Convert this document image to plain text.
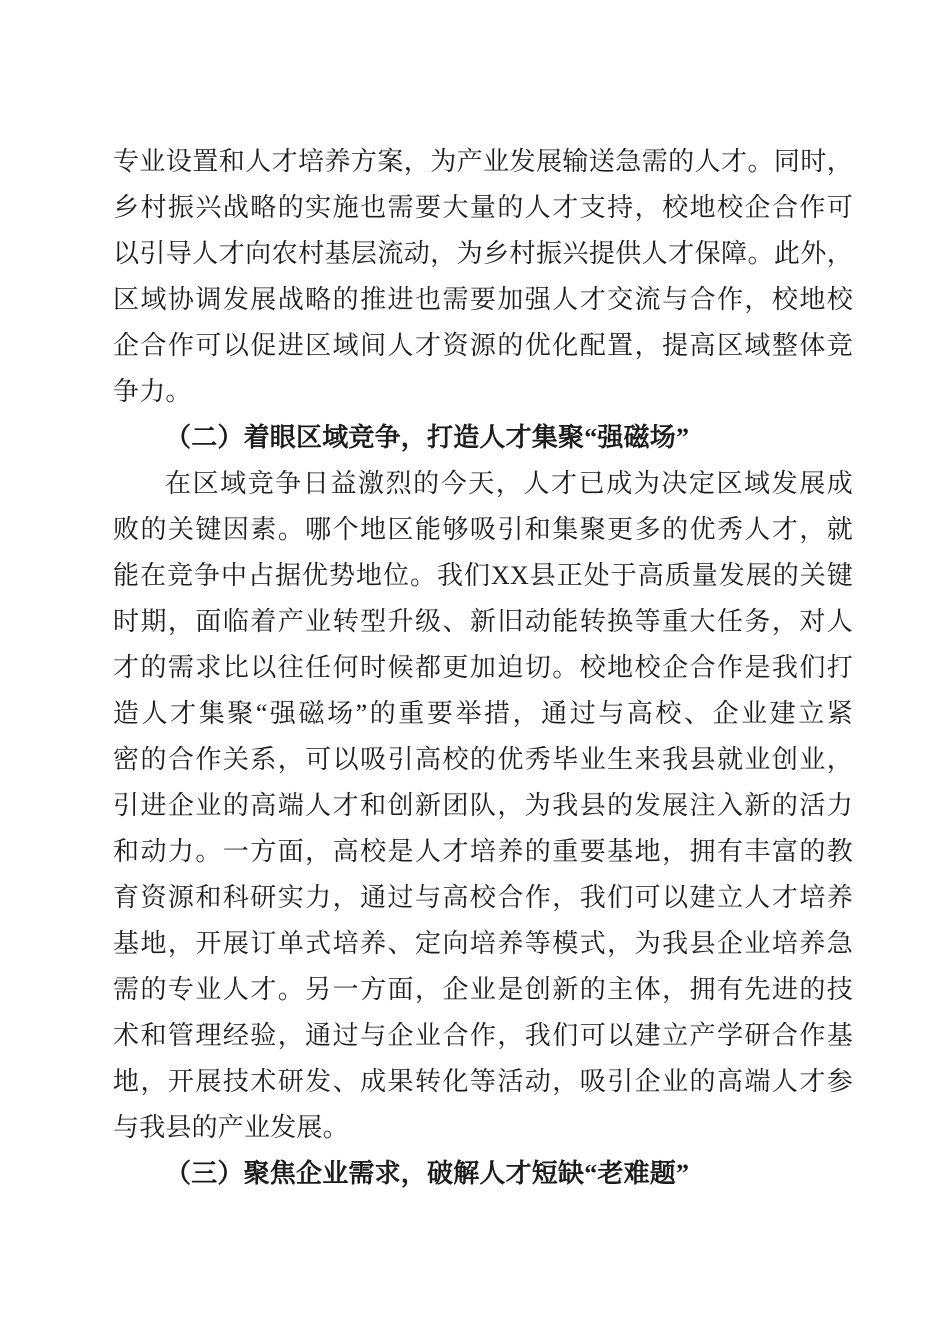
专业设置和人才培养方案，为产业发展输送急需的人才。同时，
乡村振兴战略的实施也需要大量的人才支持，校地校企合作可
以引导人才向农村基层流动，为乡村振兴提供人才保障。此外，
区域协调发展战略的推进也需要加强人才交流与合作，校地校
企合作可以促进区域间人才资源的优化配置，提高区域整体竞
争力。
（二）着眼区域竞争，打造人才集聚“强磁场”
在区域竞争日益激烈的今天，人才已成为决定区域发展成
败的关键因素。哪个地区能够吸引和集聚更多的优秀人才，就
能在竞争中占据优势地位。我们XX县正处于高质量发展的关键
时期，面临着产业转型升级、新旧动能转换等重大任务，对人
才的需求比以往任何时候都更加迫切。校地校企合作是我们打
造人才集聚“强磁场”的重要举措，通过与高校、企业建立紧
密的合作关系，可以吸引高校的优秀毕业生来我县就业创业，
引进企业的高端人才和创新团队，为我县的发展注入新的活力
和动力。一方面，高校是人才培养的重要基地，拥有丰富的教
育资源和科研实力，通过与高校合作，我们可以建立人才培养
基地，开展订单式培养、定向培养等模式，为我县企业培养急
需的专业人才。另一方面，企业是创新的主体，拥有先进的技
术和管理经验，通过与企业合作，我们可以建立产学研合作基
地，开展技术研发、成果转化等活动，吸引企业的高端人才参
与我县的产业发展。
（三）聚焦企业需求，破解人才短缺“老难题”
